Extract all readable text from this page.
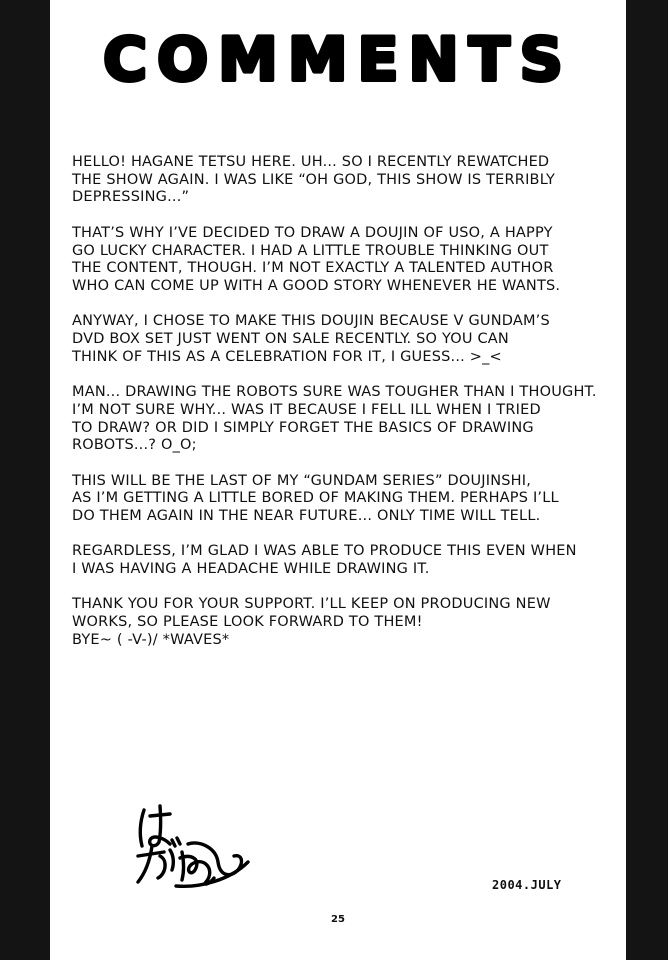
COMMENTS

HELLO! HAGANE TETSU HERE. UH... SO I RECENTLY REWATCHED
THE SHOW AGAIN. I WAS LIKE “OH GOD, THIS SHOW IS TERRIBLY
DEPRESSING...”

THAT’S WHY I’VE DECIDED TO DRAW A DOUJIN OF USO, A HAPPY
GO LUCKY CHARACTER. I HAD A LITTLE TROUBLE THINKING OUT
THE CONTENT, THOUGH. I’M NOT EXACTLY A TALENTED AUTHOR
WHO CAN COME UP WITH A GOOD STORY WHENEVER HE WANTS.

ANYWAY, I CHOSE TO MAKE THIS DOUJIN BECAUSE V GUNDAM’S
DVD BOX SET JUST WENT ON SALE RECENTLY. SO YOU CAN
THINK OF THIS AS A CELEBRATION FOR IT, I GUESS... >_<

MAN... DRAWING THE ROBOTS SURE WAS TOUGHER THAN I THOUGHT.
I’M NOT SURE WHY... WAS IT BECAUSE I FELL ILL WHEN I TRIED
TO DRAW? OR DID I SIMPLY FORGET THE BASICS OF DRAWING
ROBOTS...? O_O;

THIS WILL BE THE LAST OF MY “GUNDAM SERIES” DOUJINSHI,
AS I’M GETTING A LITTLE BORED OF MAKING THEM. PERHAPS I’LL
DO THEM AGAIN IN THE NEAR FUTURE... ONLY TIME WILL TELL.

REGARDLESS, I’M GLAD I WAS ABLE TO PRODUCE THIS EVEN WHEN
I WAS HAVING A HEADACHE WHILE DRAWING IT.

THANK YOU FOR YOUR SUPPORT. I’LL KEEP ON PRODUCING NEW
WORKS, SO PLEASE LOOK FORWARD TO THEM!
BYE~ ( -V-)/ *WAVES*

2004.JULY
25
